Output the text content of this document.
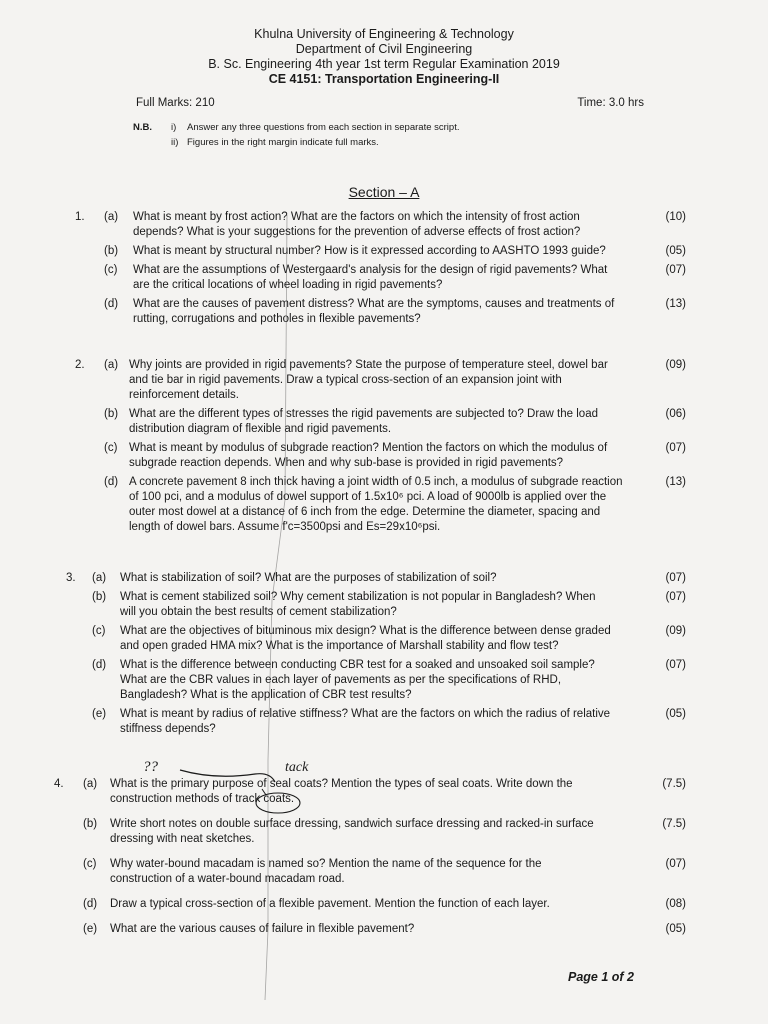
Khulna University of Engineering & Technology
Department of Civil Engineering
B. Sc. Engineering 4th year 1st term Regular Examination 2019
CE 4151: Transportation Engineering-II
Full Marks: 210	Time: 3.0 hrs
N.B. i) Answer any three questions from each section in separate script.
ii) Figures in the right margin indicate full marks.
Section – A
1. (a)	(10)
What is meant by frost action? What are the factors on which the intensity of frost action
depends? What is your suggestions for the prevention of adverse effects of frost action?
(b)	(05)
What is meant by structural number? How is it expressed according to AASHTO 1993 guide?
(c)	(07)
What are the assumptions of Westergaard's analysis for the design of rigid pavements? What
are the critical locations of wheel loading in rigid pavements?
(d)	(13)
What are the causes of pavement distress? What are the symptoms, causes and treatments of
rutting, corrugations and potholes in flexible pavements?
2. (a)	(09)
Why joints are provided in rigid pavements? State the purpose of temperature steel, dowel bar
and tie bar in rigid pavements. Draw a typical cross-section of an expansion joint with
reinforcement details.
(b)	(06)
What are the different types of stresses the rigid pavements are subjected to? Draw the load
distribution diagram of flexible and rigid pavements.
(c)	(07)
What is meant by modulus of subgrade reaction? Mention the factors on which the modulus of
subgrade reaction depends. When and why sub-base is provided in rigid pavements?
(d)	(13)
A concrete pavement 8 inch thick having a joint width of 0.5 inch, a modulus of subgrade reaction
of 100 pci, and a modulus of dowel support of 1.5x10⁶ pci. A load of 9000lb is applied over the
outer most dowel at a distance of 6 inch from the edge. Determine the diameter, spacing and
length of dowel bars. Assume f'c=3500psi and Es=29x10⁶psi.
3. (a)	(07)
What is stabilization of soil? What are the purposes of stabilization of soil?
(b)	(07)
What is cement stabilized soil? Why cement stabilization is not popular in Bangladesh? When
will you obtain the best results of cement stabilization?
(c)	(09)
What are the objectives of bituminous mix design? What is the difference between dense graded
and open graded HMA mix? What is the importance of Marshall stability and flow test?
(d)	(07)
What is the difference between conducting CBR test for a soaked and unsoaked soil sample?
What are the CBR values in each layer of pavements as per the specifications of RHD,
Bangladesh? What is the application of CBR test results?
(e)	(05)
What is meant by radius of relative stiffness? What are the factors on which the radius of relative
stiffness depends?
4. (a)	(7.5)
What is the primary purpose of seal coats? Mention the types of seal coats. Write down the
construction methods of track coats.
(b)	(7.5)
Write short notes on double surface dressing, sandwich surface dressing and racked-in surface
dressing with neat sketches.
(c)	(07)
Why water-bound macadam is named so? Mention the name of the sequence for the
construction of a water-bound macadam road.
(d)	(08)
Draw a typical cross-section of a flexible pavement. Mention the function of each layer.
(e)	(05)
What are the various causes of failure in flexible pavement?
??	tack
Page 1 of 2
